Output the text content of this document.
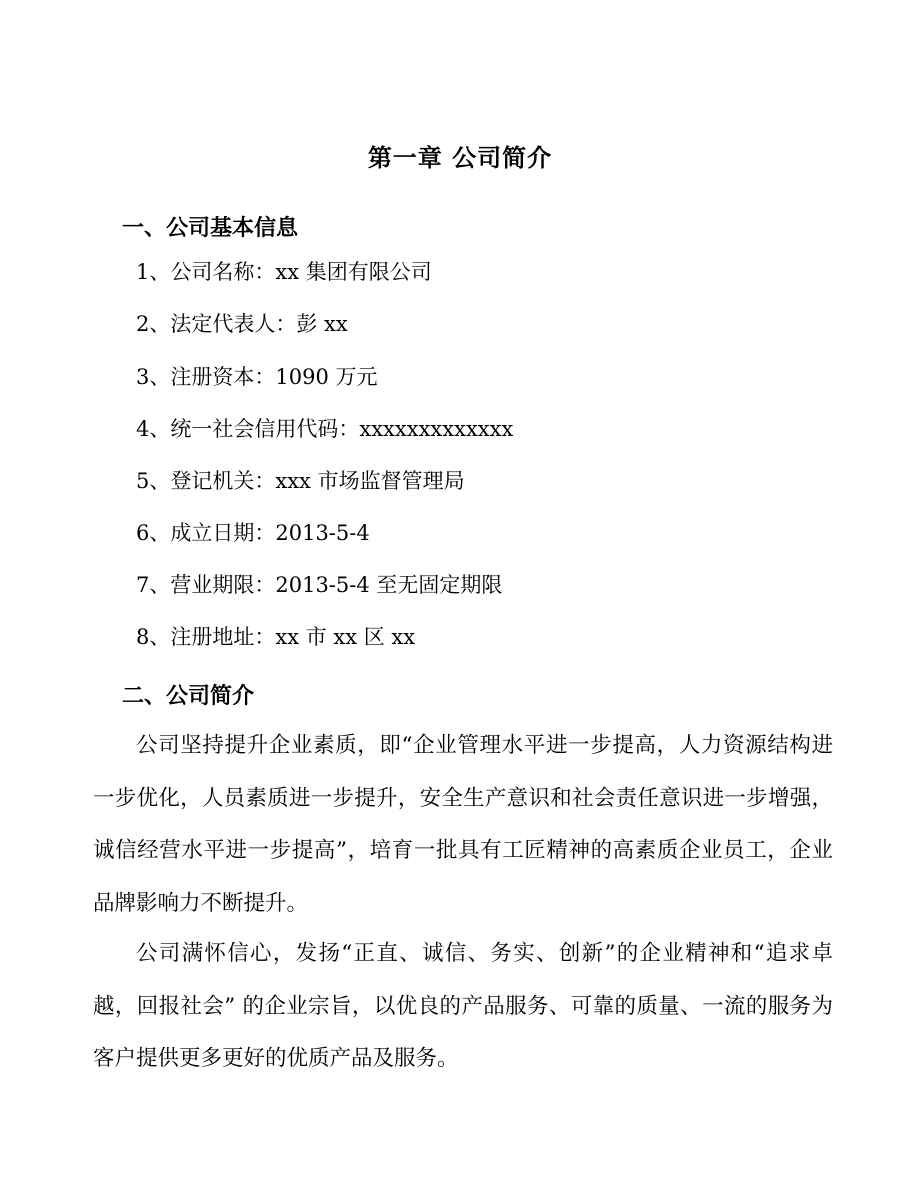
第一章 公司简介
一、公司基本信息
1、公司名称：xx 集团有限公司
2、法定代表人：彭 xx
3、注册资本：1090 万元
4、统一社会信用代码：xxxxxxxxxxxxx
5、登记机关：xxx 市场监督管理局
6、成立日期：2013-5-4
7、营业期限：2013-5-4 至无固定期限
8、注册地址：xx 市 xx 区 xx
二、公司简介

公司坚持提升企业素质，即“企业管理水平进一步提高，人力资源结构进一步优化，人员素质进一步提升，安全生产意识和社会责任意识进一步增强，诚信经营水平进一步提高”，培育一批具有工匠精神的高素质企业员工，企业品牌影响力不断提升。

公司满怀信心，发扬“正直、诚信、务实、创新”的企业精神和“追求卓越，回报社会” 的企业宗旨，以优良的产品服务、可靠的质量、一流的服务为客户提供更多更好的优质产品及服务。
